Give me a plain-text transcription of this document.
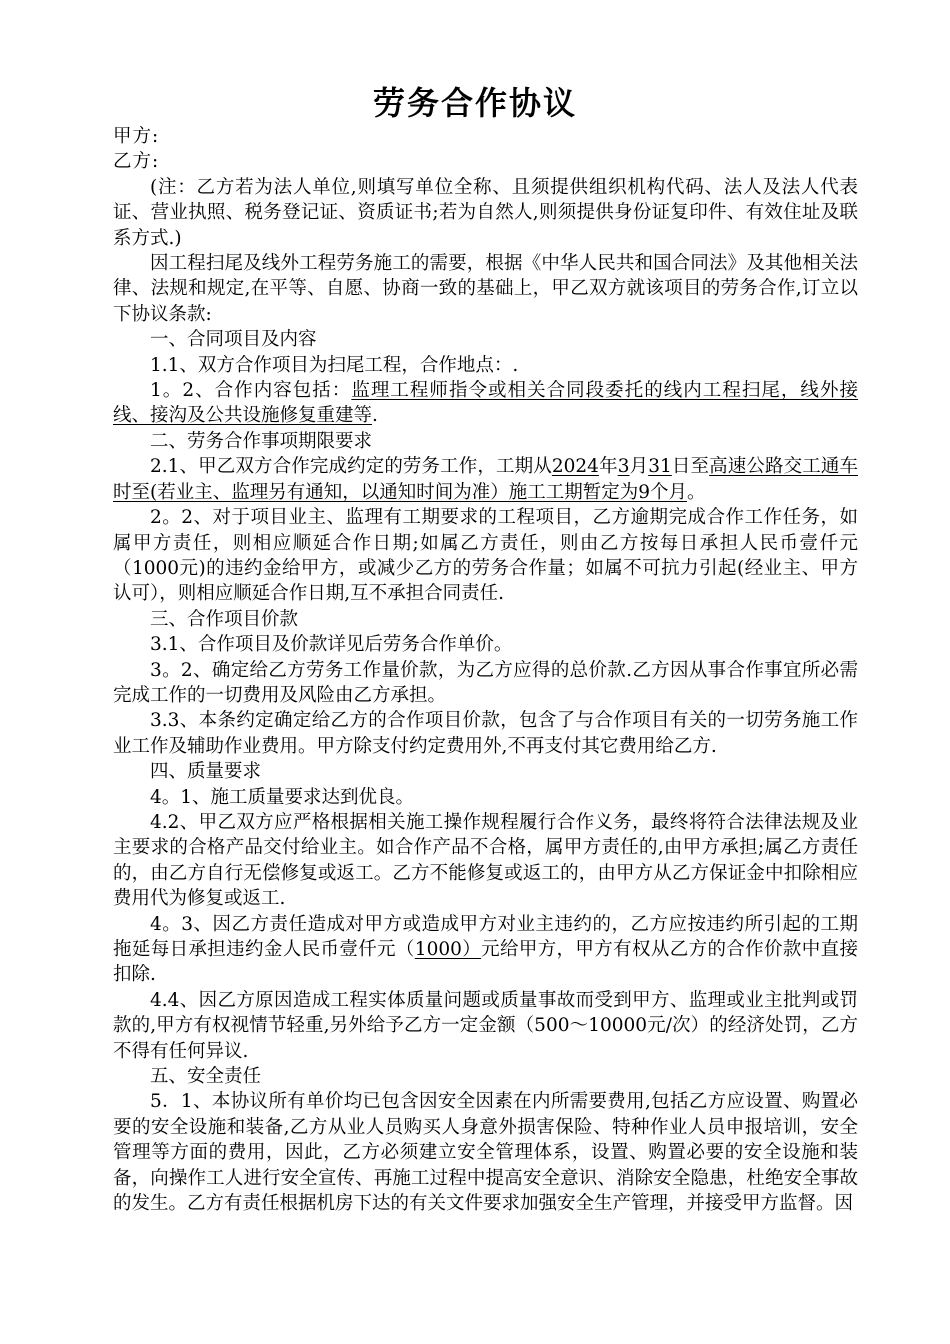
劳务合作协议

甲方:

乙方:

(注：乙方若为法人单位,则填写单位全称、且须提供组织机构代码、法人及法人代表证、营业执照、税务登记证、资质证书;若为自然人,则须提供身份证复印件、有效住址及联系方式.)

因工程扫尾及线外工程劳务施工的需要，根据《中华人民共和国合同法》及其他相关法律、法规和规定,在平等、自愿、协商一致的基础上，甲乙双方就该项目的劳务合作,订立以下协议条款:

一、合同项目及内容

1.1、双方合作项目为扫尾工程，合作地点：.

1。2、合作内容包括：监理工程师指令或相关合同段委托的线内工程扫尾，线外接线、接沟及公共设施修复重建等.

二、劳务合作事项期限要求

2.1、甲乙双方合作完成约定的劳务工作，工期从2024年3月31日至高速公路交工通车时至(若业主、监理另有通知，以通知时间为准）施工工期暂定为9个月。

2。2、对于项目业主、监理有工期要求的工程项目，乙方逾期完成合作工作任务，如属甲方责任，则相应顺延合作日期;如属乙方责任，则由乙方按每日承担人民币壹仟元（1000元)的违约金给甲方，或减少乙方的劳务合作量；如属不可抗力引起(经业主、甲方认可），则相应顺延合作日期,互不承担合同责任.

三、合作项目价款

3.1、合作项目及价款详见后劳务合作单价。

3。2、确定给乙方劳务工作量价款，为乙方应得的总价款.乙方因从事合作事宜所必需完成工作的一切费用及风险由乙方承担。

3.3、本条约定确定给乙方的合作项目价款，包含了与合作项目有关的一切劳务施工作业工作及辅助作业费用。甲方除支付约定费用外,不再支付其它费用给乙方.

四、质量要求

4。1、施工质量要求达到优良。

4.2、甲乙双方应严格根据相关施工操作规程履行合作义务，最终将符合法律法规及业主要求的合格产品交付给业主。如合作产品不合格，属甲方责任的,由甲方承担;属乙方责任的，由乙方自行无偿修复或返工。乙方不能修复或返工的，由甲方从乙方保证金中扣除相应费用代为修复或返工.

4。3、因乙方责任造成对甲方或造成甲方对业主违约的，乙方应按违约所引起的工期拖延每日承担违约金人民币壹仟元（1000）元给甲方，甲方有权从乙方的合作价款中直接扣除.

4.4、因乙方原因造成工程实体质量问题或质量事故而受到甲方、监理或业主批判或罚款的,甲方有权视情节轻重,另外给予乙方一定金额（500～10000元/次）的经济处罚，乙方不得有任何异议.

五、安全责任

5．1、本协议所有单价均已包含因安全因素在内所需要费用,包括乙方应设置、购置必要的安全设施和装备,乙方从业人员购买人身意外损害保险、特种作业人员申报培训，安全管理等方面的费用，因此，乙方必须建立安全管理体系，设置、购置必要的安全设施和装备，向操作工人进行安全宣传、再施工过程中提高安全意识、消除安全隐患，杜绝安全事故的发生。乙方有责任根据机房下达的有关文件要求加强安全生产管理，并接受甲方监督。因
